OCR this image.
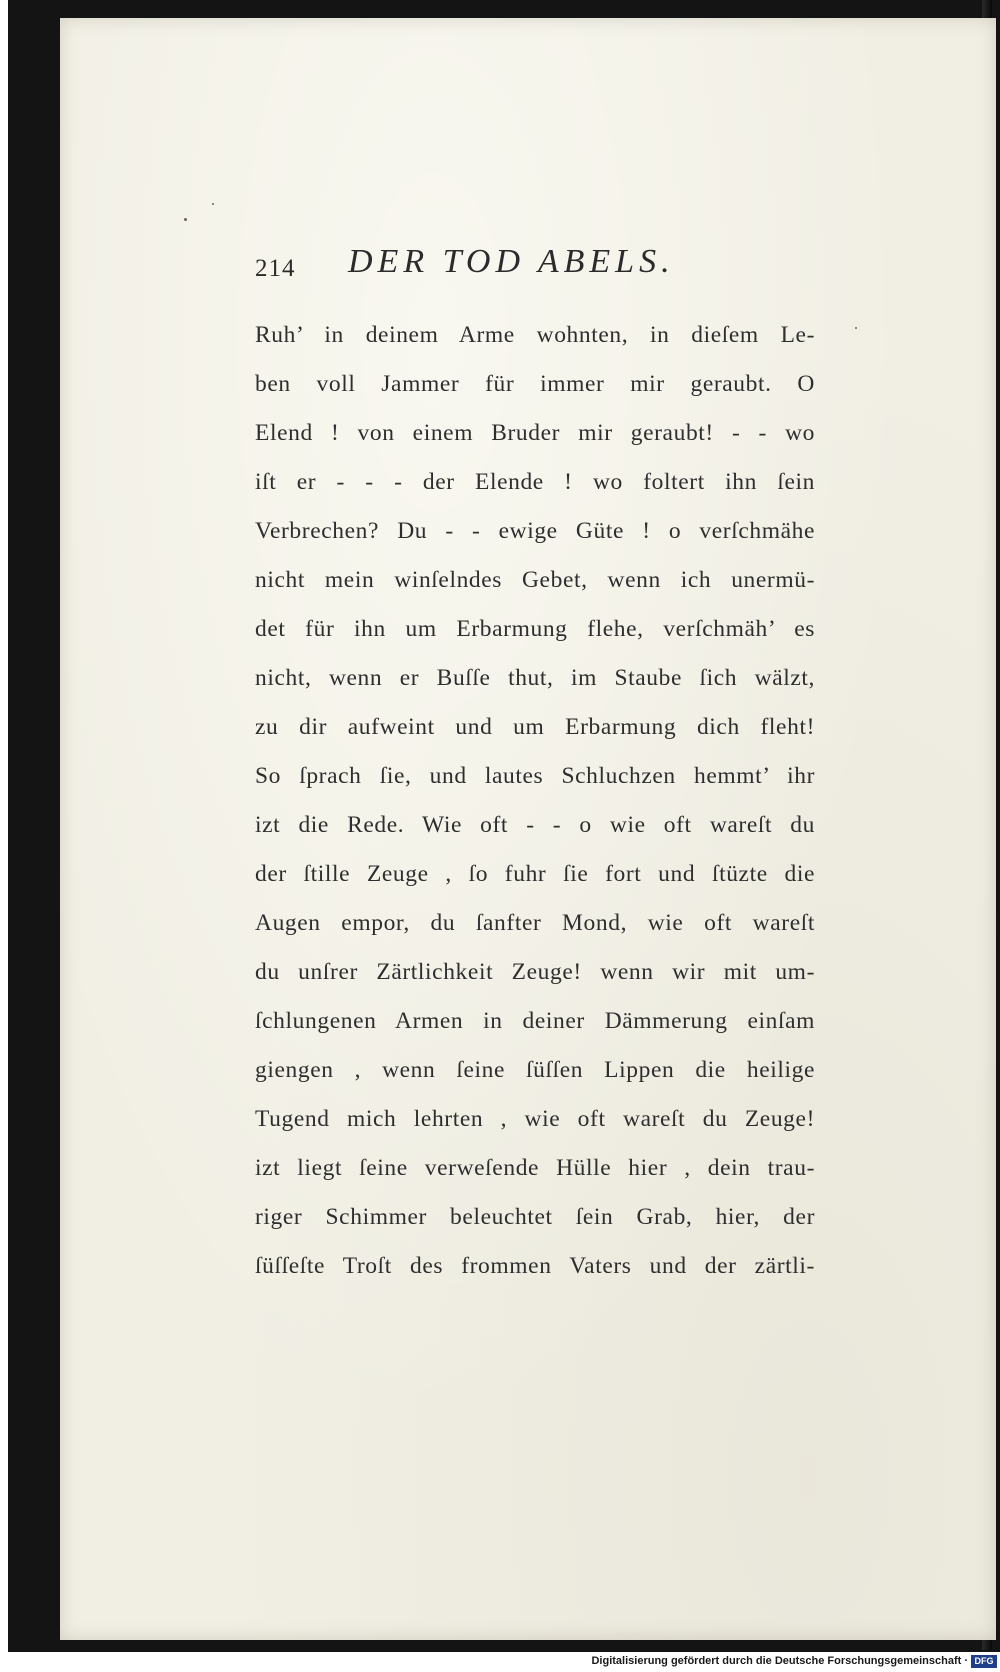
214 DER TOD ABELS.
Ruh’ in deinem Arme wohnten, in dieſem Le-
ben voll Jammer für immer mir geraubt. O
Elend ! von einem Bruder mir geraubt! - - wo
iſt er - - - der Elende ! wo foltert ihn ſein
Verbrechen? Du - - ewige Güte ! o verſchmähe
nicht mein winſelndes Gebet, wenn ich unermü-
det für ihn um Erbarmung flehe, verſchmäh’ es
nicht, wenn er Buſſe thut, im Staube ſich wälzt,
zu dir aufweint und um Erbarmung dich fleht!
So ſprach ſie, und lautes Schluchzen hemmt’ ihr
izt die Rede. Wie oft - - o wie oft wareſt du
der ſtille Zeuge , ſo fuhr ſie fort und ſtüzte die
Augen empor, du ſanfter Mond, wie oft wareſt
du unſrer Zärtlichkeit Zeuge! wenn wir mit um-
ſchlungenen Armen in deiner Dämmerung einſam
giengen , wenn ſeine ſüſſen Lippen die heilige
Tugend mich lehrten , wie oft wareſt du Zeuge!
izt liegt ſeine verweſende Hülle hier , dein trau-
riger Schimmer beleuchtet ſein Grab, hier, der
ſüſſeſte Troſt des frommen Vaters und der zärtli-
Digitalisierung gefördert durch die Deutsche Forschungsgemeinschaft · DFG
